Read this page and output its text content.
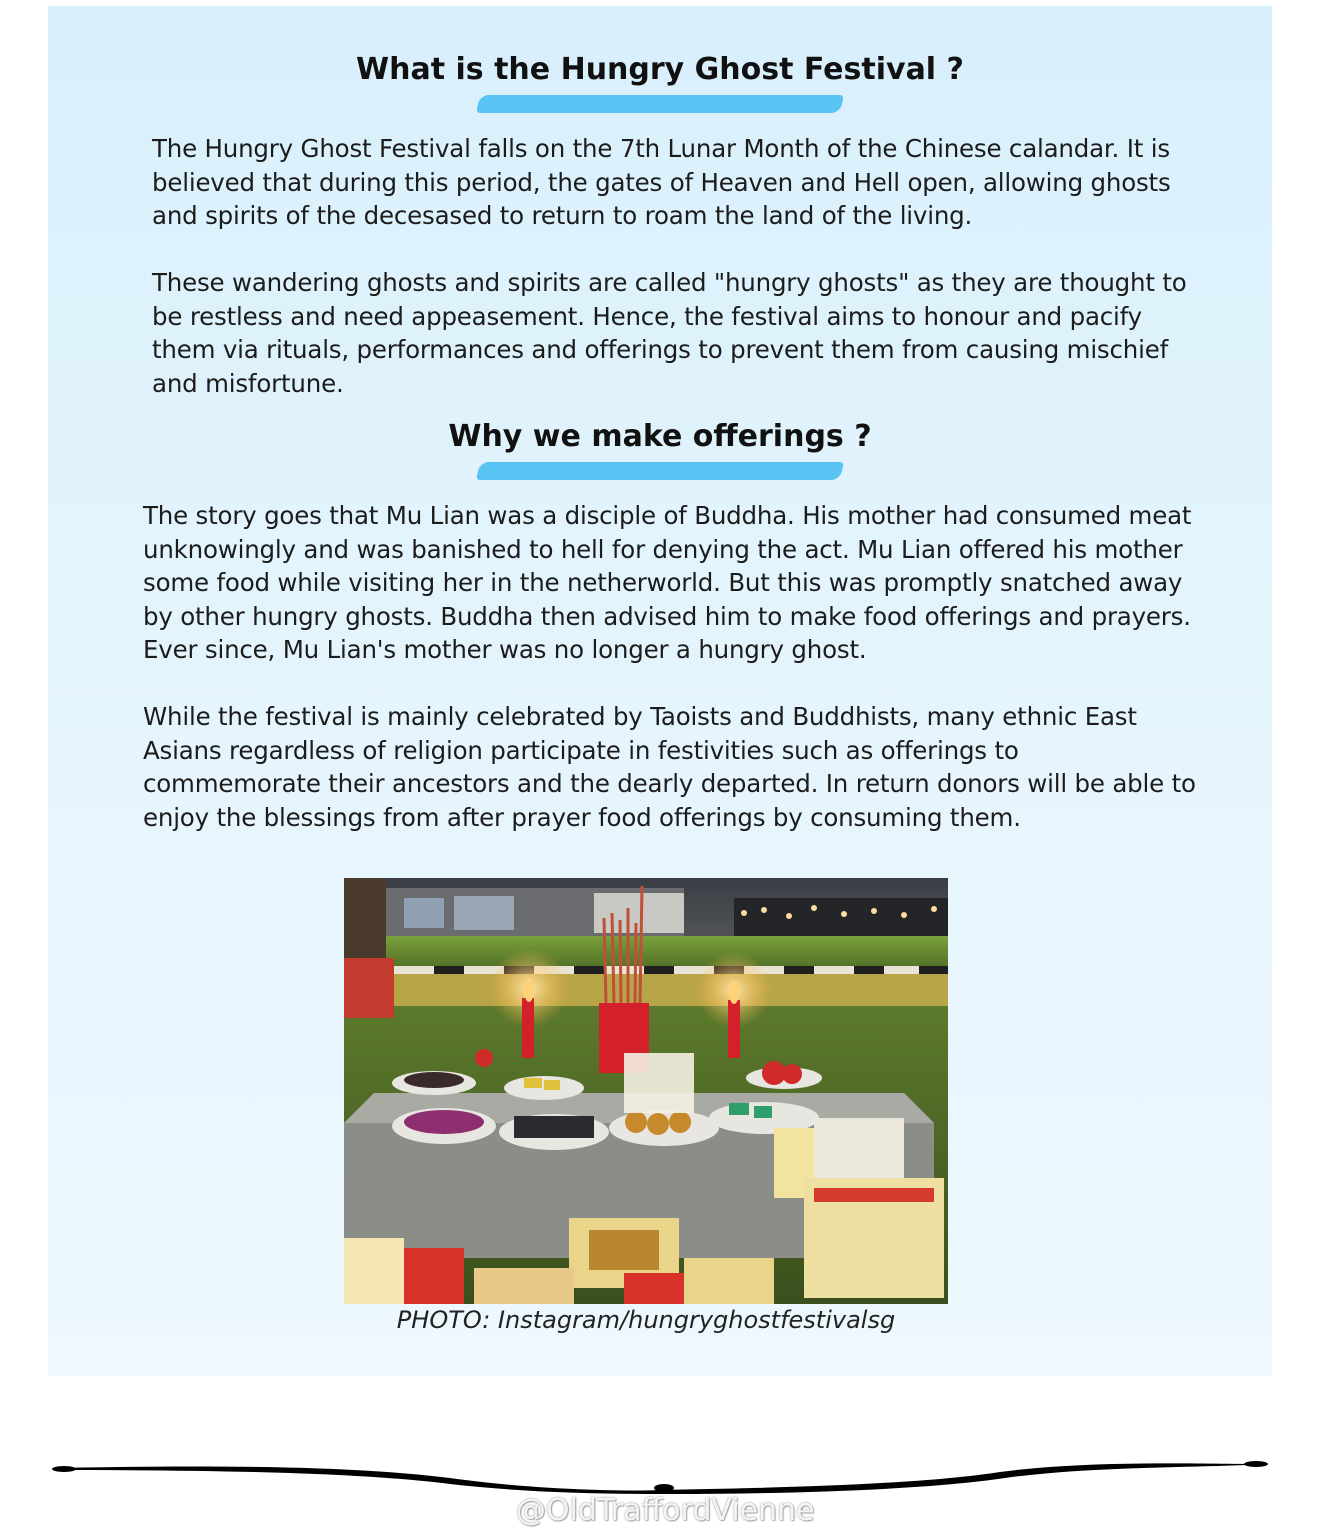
What is the Hungry Ghost Festival ?

The Hungry Ghost Festival falls on the 7th Lunar Month of the Chinese calandar. It is believed that during this period, the gates of Heaven and Hell open, allowing ghosts and spirits of the decesased to return to roam the land of the living.

These wandering ghosts and spirits are called "hungry ghosts" as they are thought to be restless and need appeasement. Hence, the festival aims to honour and pacify them via rituals, performances and offerings to prevent them from causing mischief and misfortune.

Why we make offerings ?

The story goes that Mu Lian was a disciple of Buddha. His mother had consumed meat unknowingly and was banished to hell for denying the act. Mu Lian offered his mother some food while visiting her in the netherworld. But this was promptly snatched away by other hungry ghosts. Buddha then advised him to make food offerings and prayers. Ever since, Mu Lian's mother was no longer a hungry ghost.

While the festival is mainly celebrated by Taoists and Buddhists, many ethnic East Asians regardless of religion participate in festivities such as offerings to commemorate their ancestors and the dearly departed. In return donors will be able to enjoy the blessings from after prayer food offerings by consuming them.

PHOTO: Instagram/hungryghostfestivalsg

@OldTraffordVienne
